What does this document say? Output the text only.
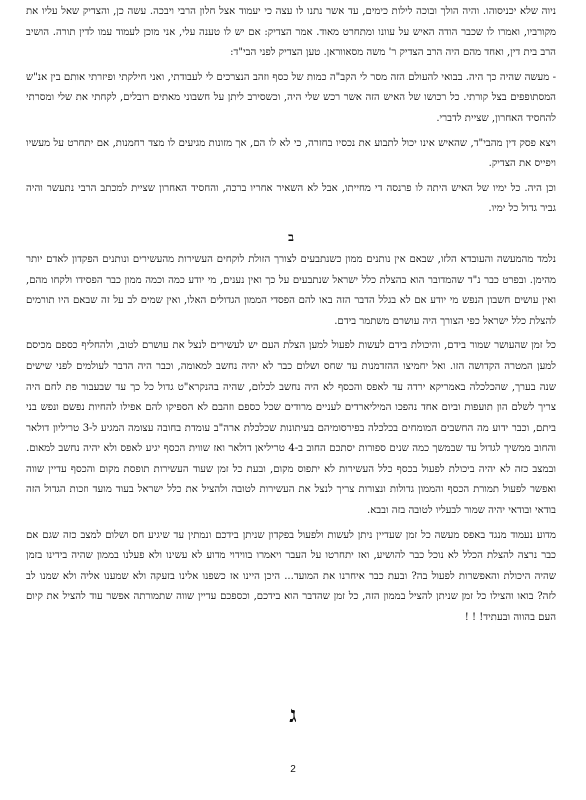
ניוה שלא יכניסוהו. והיה הולך ובוכה לילות כימים, עד אשר נתנו לו עצה כי יעמוד אצל חלון הרבי ויבכה. עשה כן, והצדיק שאל עליו את מקורביו, ואמרו לו שכבר הודה האיש על עוונו ומתחרט מאוד. אמר הצדיק: אם יש לו טענה עלי, אני מוכן לעמוד עמו לדין תורה. הושיב הרב בית דין, ואחד מהם היה הרב הצדיק ר' משה מסאווראן. טען הצדיק לפני הבי"ד:

- מעשה שהיה כך היה. בבואי להעולם הזה מסר לי הקב"ה כמות של כסף וזהב הנצרכים לי לעבודתי, ואני חילקתי ופיזרתי אותם בין אנ"ש המסתופפים בצל קורתי. כל רכושו של האיש הזה אשר רכש שלי היה, וכשסירב ליתן על חשבוני מאתים רובלים, לקחתי את שלי ומסרתי להחסיד האחרון, שציית לדברי.

ויצא פסק דין מהבי"ד, שהאיש אינו יכול לתבוע את נכסיו בחזרה, כי לא לו הם, אך מזונות מגיעים לו מצד רחמנות, אם יתחרט על מעשיו ויפייס את הצדיק.

וכן היה. כל ימיו של האיש היתה לו פרנסה די מחייתו, אבל לא השאיר אחריו ברכה, והחסיד האחרון שציית למכתב הרבי נתעשר והיה גביר גדול כל ימיו.

ב

נלמד מהמעשה והעובדא הלזו, שבאם אין נותנים ממון כשנתבעים לצורך הזולת לוקחים העשירות מהעשירים ונותנים הפקדון לאדם יותר מהימן. ובפרט כבר נ"ד שהמדובר הוא בהצלת כלל ישראל שנתבעים על כך ואין נענים, מי יודע כמה וכמה ממון כבר הפסידו ולקחו מהם, ואין עושים חשבון הנפש מי יודע אם לא בגלל הדבר הזה באו להם הפסדי הממון הגדולים האלו, ואין שמים לב על זה שבאם היו תורמים להצלת כלל ישראל כפי הצורך היה עושרם משתמר בידם.

כל זמן שהעושר שמור בידם, והיכולת בידם לעשות לפעול למען הצלת העם יש לעשירים לנצל את עושרם לטוב, ולהחליף כספם מכיסם למען המטרה הקדושה הזו. ואל יחמיצו ההזדמנות עד שחס ושלום כבר לא יהיה נחשב למאומה, וכבר היה הדבר לעולמים לפני שישים שנה בערך, שהכלכלה באמריקא ירדה עד לאפס והכסף לא היה נחשב לכלום, שהיה בהנקרא"ט גדול כל כך עד שבעבור פת לחם היה צריך לשלם הון תועפות וביום אחד נהפכו המיליארדים לעניים מרודים שכל כספם וזהבם לא הספיקו להם אפילו להחיות נפשם ונפש בני ביתם, וכבר ידוע מה החשבים המומחים בכלכלה בפירסומיהם בעיתונות שכלכלת ארה"ב עומדת בחובה עצומה המגיע ל-3 טריליון דולאר והחוב ממשיך לגדול עד שבמשך כמה שנים ספורות יסתכם החוב ב-4 טריליאן דולאר ואז שווית הכסף יגיע לאפס ולא יהיה נחשב למאום. ובמצב כזה לא יהיה ביכולת לפעול בכסף כלל העשירות לא יתפוס מקום, ובעת כל זמן שעוד העשירות תופסת מקום והכסף עדיין שווה ואפשר לפעול תמורת הכסף והממון גדולות ונצורות צריך לנצל את העשירות לטובה ולהציל את כלל ישראל בעוד מועד וזכות הגדול הזה בודאי ובודאי יהיה שמור לבעליו לטובה בזה ובבא.

מדוע נעמוד מנגד באפס מעשה כל זמן שעדיין ניתן לעשות ולפעול בפקדון שניתן בידכם ונמתין עד שיגיע חס ושלום למצב כזה שגם אם כבר נרצה להצלת הכלל לא נוכל כבר להושיע, ואז יתחרטו על העבר ויאמרו בווידוי מדוע לא עשינו ולא פעלנו בממון שהיה בידינו בזמן שהיה היכולת והאפשרות לפעול בה? ובעת כבר איחרנו את המועד... היכן היינו אז כשפנו אלינו בזעקה ולא שמענו אליה ולא שמנו לב לזה? בואו והצילו כל זמן שניתן להציל בממון הזה, כל זמן שהדבר הוא בידכם, וכספכם עדיין שווה שתמורתה אפשר עוד להציל את קיום העם בהווה ובעתיד! ! !

ג
2
